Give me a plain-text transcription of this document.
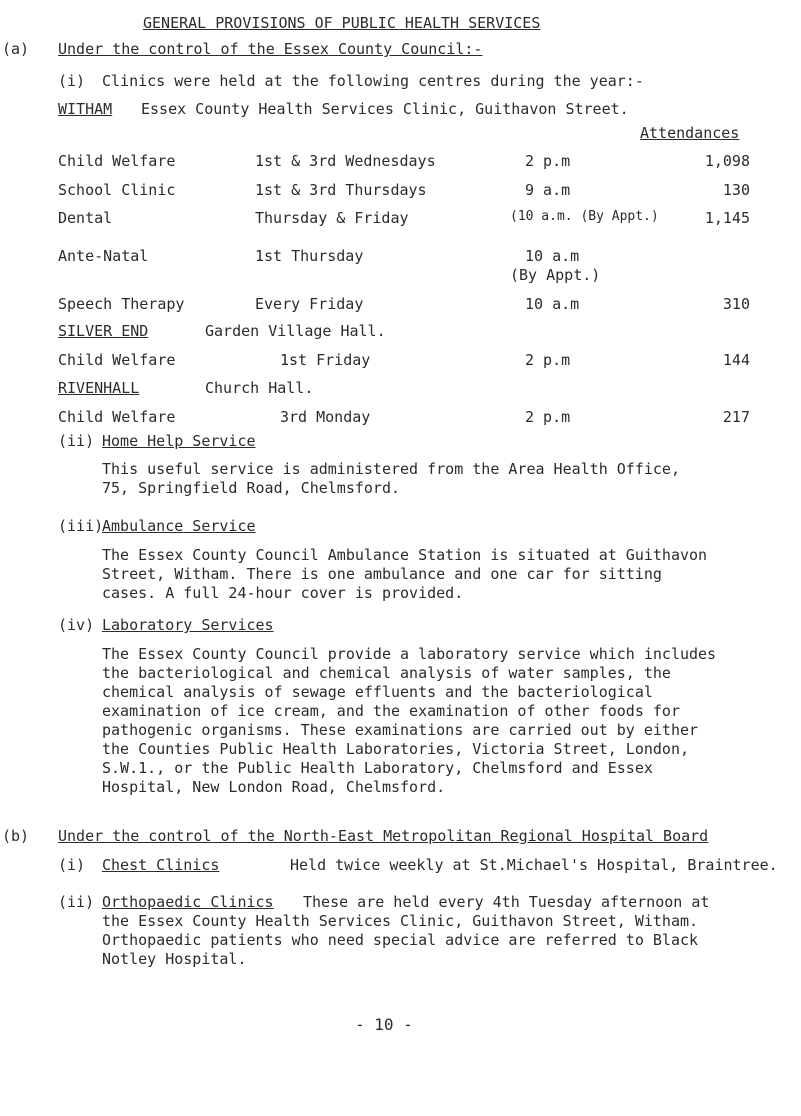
GENERAL PROVISIONS OF PUBLIC HEALTH SERVICES
(a) Under the control of the Essex County Council:-
(i) Clinics were held at the following centres during the year:-
WITHAM Essex County Health Services Clinic, Guithavon Street.
Attendances
Child Welfare	1st & 3rd Wednesdays	2 p.m	1,098
School Clinic	1st & 3rd Thursdays	9 a.m	130
Dental	Thursday & Friday	(10 a.m. (By Appt.)	1,145
Ante-Natal	1st Thursday	10 a.m
(By Appt.)
Speech Therapy	Every Friday	10 a.m	310
SILVER END	Garden Village Hall.
Child Welfare	1st Friday	2 p.m	144
RIVENHALL	Church Hall.
Child Welfare	3rd Monday	2 p.m	217
(ii) Home Help Service
This useful service is administered from the Area Health Office,
75, Springfield Road, Chelmsford.
(iii)
Ambulance Service
The Essex County Council Ambulance Station is situated at Guithavon
Street, Witham. There is one ambulance and one car for sitting
cases. A full 24-hour cover is provided.
(iv) Laboratory Services
The Essex County Council provide a laboratory service which includes
the bacteriological and chemical analysis of water samples, the
chemical analysis of sewage effluents and the bacteriological
examination of ice cream, and the examination of other foods for
pathogenic organisms. These examinations are carried out by either
the Counties Public Health Laboratories, Victoria Street, London,
S.W.1., or the Public Health Laboratory, Chelmsford and Essex
Hospital, New London Road, Chelmsford.
(b) Under the control of the North-East Metropolitan Regional Hospital Board
(i) Chest Clinics	Held twice weekly at St.Michael's Hospital, Braintree.
(ii) Orthopaedic Clinics These are held every 4th Tuesday afternoon at
the Essex County Health Services Clinic, Guithavon Street, Witham.
Orthopaedic patients who need special advice are referred to Black
Notley Hospital.
- 10 -
